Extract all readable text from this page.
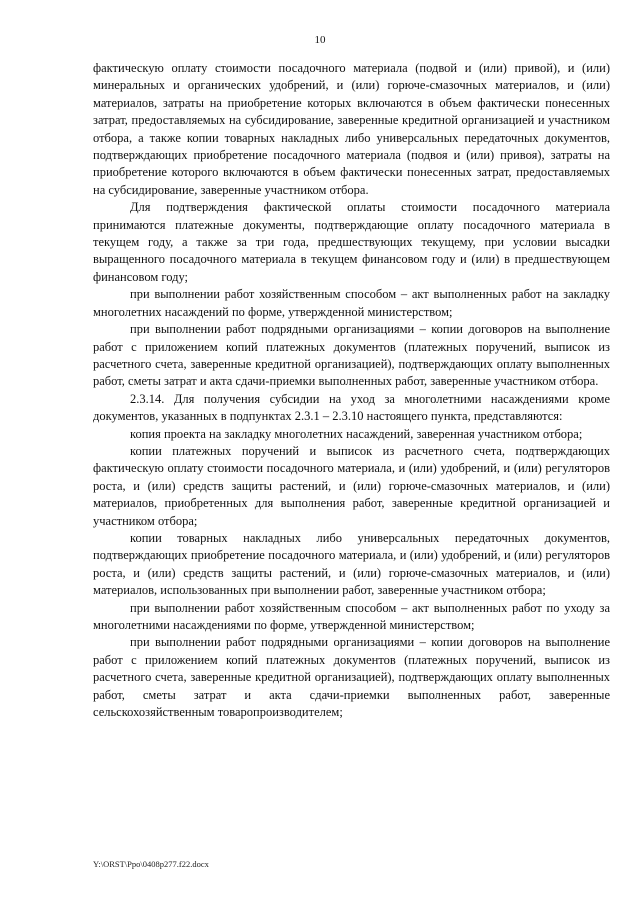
10

фактическую оплату стоимости посадочного материала (подвой и (или) привой), и (или) минеральных и органических удобрений, и (или) горюче-смазочных материалов, и (или) материалов, затраты на приобретение которых включаются в объем фактически понесенных затрат, предоставляемых на субсидирование, заверенные кредитной организацией и участником отбора, а также копии товарных накладных либо универсальных передаточных документов, подтверждающих приобретение посадочного материала (подвоя и (или) привоя), затраты на приобретение которого включаются в объем фактически понесенных затрат, предоставляемых на субсидирование, заверенные участником отбора.

Для подтверждения фактической оплаты стоимости посадочного материала принимаются платежные документы, подтверждающие оплату посадочного материала в текущем году, а также за три года, предшествующих текущему, при условии высадки выращенного посадочного материала в текущем финансовом году и (или) в предшествующем финансовом году;

при выполнении работ хозяйственным способом – акт выполненных работ на закладку многолетних насаждений по форме, утвержденной министерством;

при выполнении работ подрядными организациями – копии договоров на выполнение работ с приложением копий платежных документов (платежных поручений, выписок из расчетного счета, заверенные кредитной организацией), подтверждающих оплату выполненных работ, сметы затрат и акта сдачи-приемки выполненных работ, заверенные участником отбора.

2.3.14. Для получения субсидии на уход за многолетними насаждениями кроме документов, указанных в подпунктах 2.3.1 – 2.3.10 настоящего пункта, представляются:

копия проекта на закладку многолетних насаждений, заверенная участником отбора;

копии платежных поручений и выписок из расчетного счета, подтверждающих фактическую оплату стоимости посадочного материала, и (или) удобрений, и (или) регуляторов роста, и (или) средств защиты растений, и (или) горюче-смазочных материалов, и (или) материалов, приобретенных для выполнения работ, заверенные кредитной организацией и участником отбора;

копии товарных накладных либо универсальных передаточных документов, подтверждающих приобретение посадочного материала, и (или) удобрений, и (или) регуляторов роста, и (или) средств защиты растений, и (или) горюче-смазочных материалов, и (или) материалов, использованных при выполнении работ, заверенные участником отбора;

при выполнении работ хозяйственным способом – акт выполненных работ по уходу за многолетними насаждениями по форме, утвержденной министерством;

при выполнении работ подрядными организациями – копии договоров на выполнение работ с приложением копий платежных документов (платежных поручений, выписок из расчетного счета, заверенные кредитной организацией), подтверждающих оплату выполненных работ, сметы затрат и акта сдачи-приемки выполненных работ, заверенные сельскохозяйственным товаропроизводителем;

Y:\ORST\Ppo\0408p277.f22.docx
